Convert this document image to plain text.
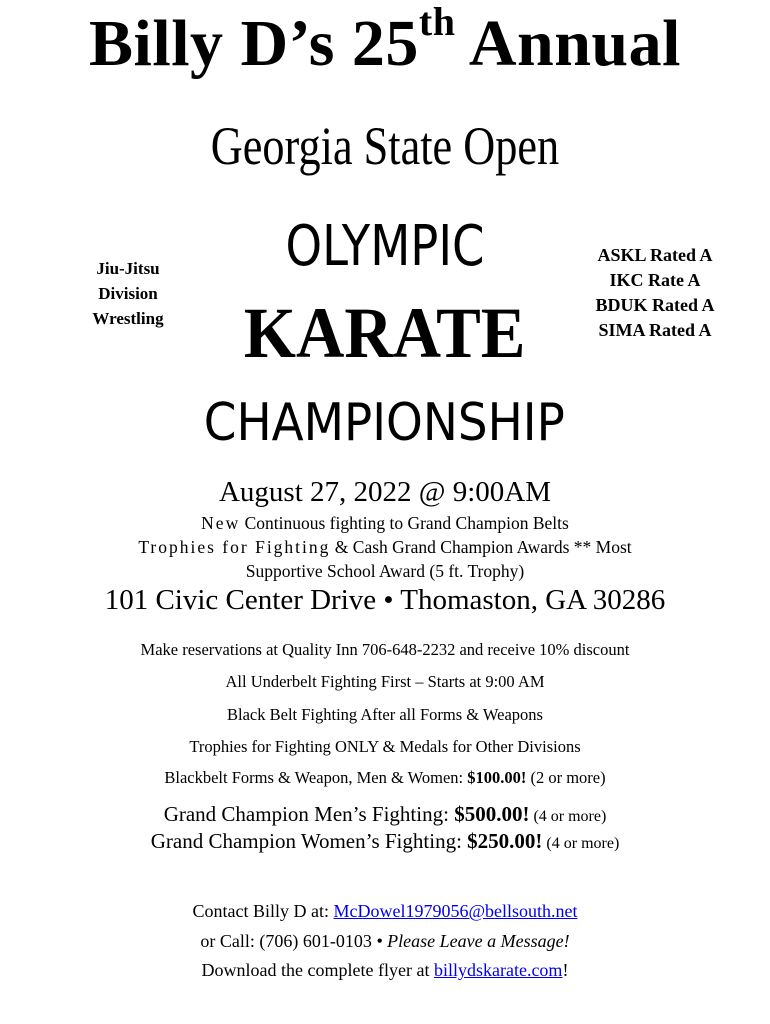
Billy D’s 25th Annual
Georgia State Open
Jiu-Jitsu
Division
Wrestling
ASKL Rated A
IKC Rate A
BDUK Rated A
SIMA Rated A
OLYMPIC
KARATE
CHAMPIONSHIP
August 27, 2022 @ 9:00AM
New Continuous fighting to Grand Champion Belts
Trophies for Fighting & Cash Grand Champion Awards ** Most
Supportive School Award (5 ft. Trophy)
101 Civic Center Drive • Thomaston, GA 30286
Make reservations at Quality Inn 706-648-2232 and receive 10% discount
All Underbelt Fighting First – Starts at 9:00 AM
Black Belt Fighting After all Forms & Weapons
Trophies for Fighting ONLY & Medals for Other Divisions
Blackbelt Forms & Weapon, Men & Women: $100.00! (2 or more)
Grand Champion Men’s Fighting: $500.00! (4 or more)
Grand Champion Women’s Fighting: $250.00! (4 or more)
Contact Billy D at: McDowel1979056@bellsouth.net
or Call: (706) 601-0103 • Please Leave a Message!
Download the complete flyer at billydskarate.com!
